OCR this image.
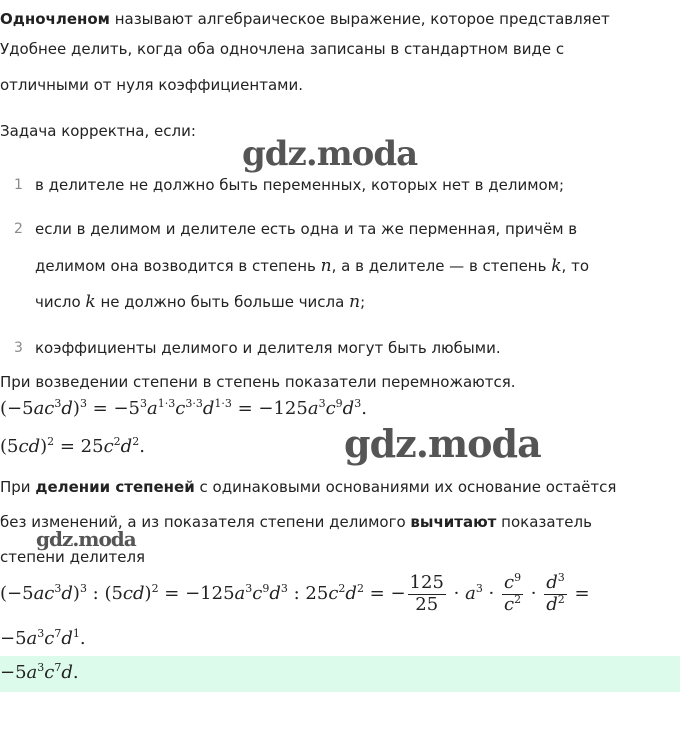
Одночленом называют алгебраическое выражение, которое представляет
Удобнее делить, когда оба одночлена записаны в стандартном виде с
отличными от нуля коэффициентами.
Задача корректна, если:
gdz.moda
1 в делителе не должно быть переменных, которых нет в делимом;
2 если в делимом и делителе есть одна и та же перменная, причём в
делимом она возводится в степень n, а в делителе — в степень k, то
число k не должно быть больше числа n;
3 коэффициенты делимого и делителя могут быть любыми.
При возведении степени в степень показатели перемножаются.
$(-5ac^3d)^3 = -5^3a^{1\cdot 3}c^{3\cdot 3}d^{1\cdot 3} = -125a^3c^9d^3$.
$(5cd)^2 = 25c^2d^2$.	gdz.moda
При делении степеней с одинаковыми основаниями их основание остаётся
без изменений, а из показателя степени делимого вычитают показатель
степени делителя
gdz.moda
$(-5ac^3d)^3$ : $(5cd)^2 = -125a^3c^9d^3$ : $25c^2d^2$ = − $\frac{125}{25} \cdot a^3 \cdot \frac{c^9}{c^2} \cdot \frac{d^3}{d^2}$ =
$-5a^3c^7d^1$.
$-5a^3c^7d$.
